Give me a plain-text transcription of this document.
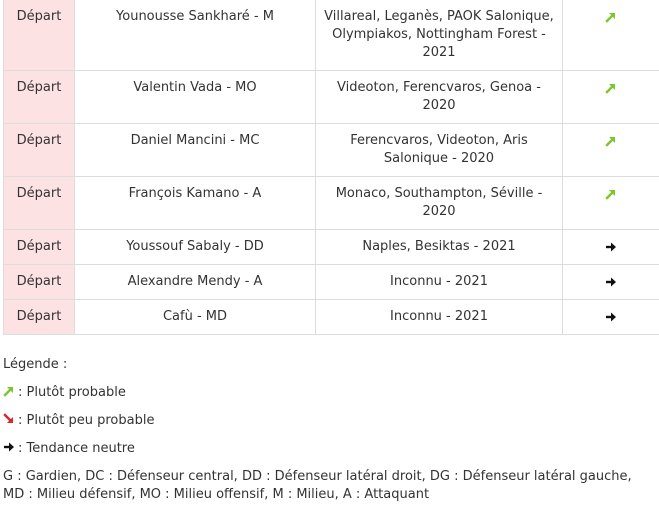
Départ	Younousse Sankharé - M	Villareal, Leganès, PAOK Salonique, Olympiakos, Nottingham Forest - 2021	

Départ	Valentin Vada - MO	Videoton, Ferencvaros, Genoa - 2020	

Départ	Daniel Mancini - MC	Ferencvaros, Videoton, Aris Salonique - 2020	

Départ	François Kamano - A	Monaco, Southampton, Séville - 2020	

Départ	Youssouf Sabaly - DD	Naples, Besiktas - 2021	

Départ	Alexandre Mendy - A	Inconnu - 2021	

Départ	Cafù - MD	Inconnu - 2021	

Légende :

: Plutôt probable

: Plutôt peu probable

: Tendance neutre

G : Gardien, DC : Défenseur central, DD : Défenseur latéral droit, DG : Défenseur latéral gauche, MD : Milieu défensif, MO : Milieu offensif, M : Milieu, A : Attaquant
